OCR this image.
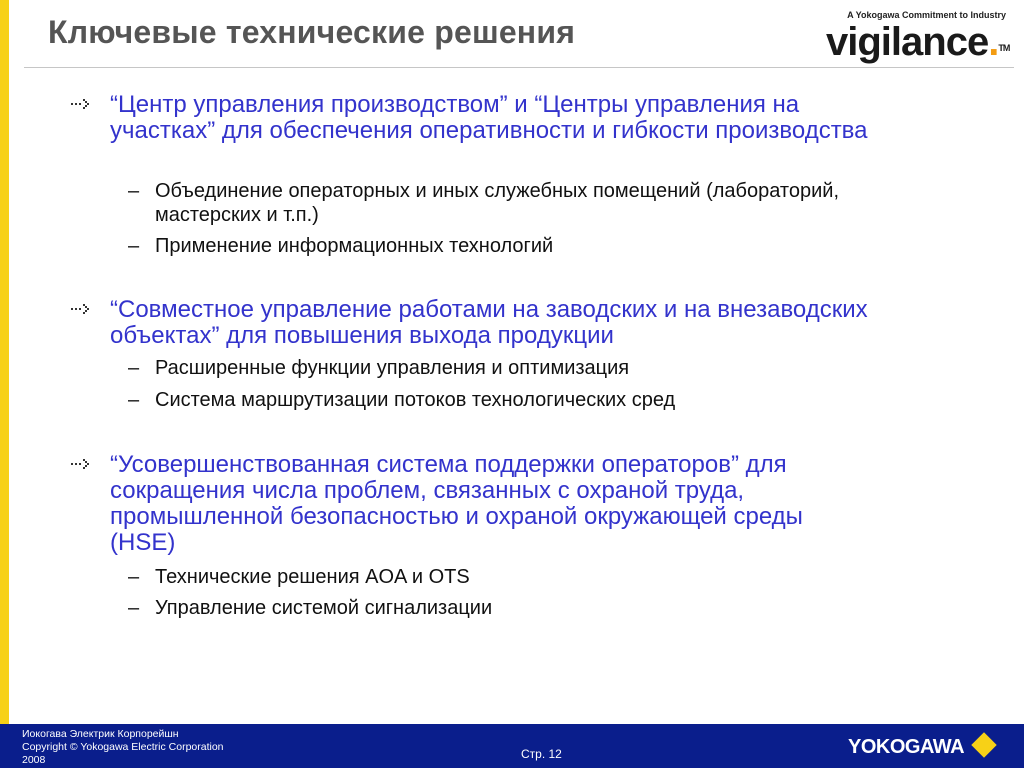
Ключевые технические решения	A Yokogawa Commitment to Industry
vigilance.™
“Центр управления производством” и “Центры управления на участках” для обеспечения оперативности и гибкости производства
– Объединение операторных и иных служебных помещений (лабораторий, мастерских и т.п.)
– Применение информационных технологий
“Совместное управление работами на заводских и на внезаводских объектах” для повышения выхода продукции
– Расширенные функции управления и оптимизация
– Система маршрутизации потоков технологических сред
“Усовершенствованная система поддержки операторов” для сокращения числа проблем, связанных с охраной труда, промышленной безопасностью и охраной окружающей среды (HSE)
– Технические решения AOA и OTS
– Управление системой сигнализации
Иокогава Электрик Корпорейшн
Copyright © Yokogawa Electric Corporation
2008	Стр. 12	YOKOGAWA
